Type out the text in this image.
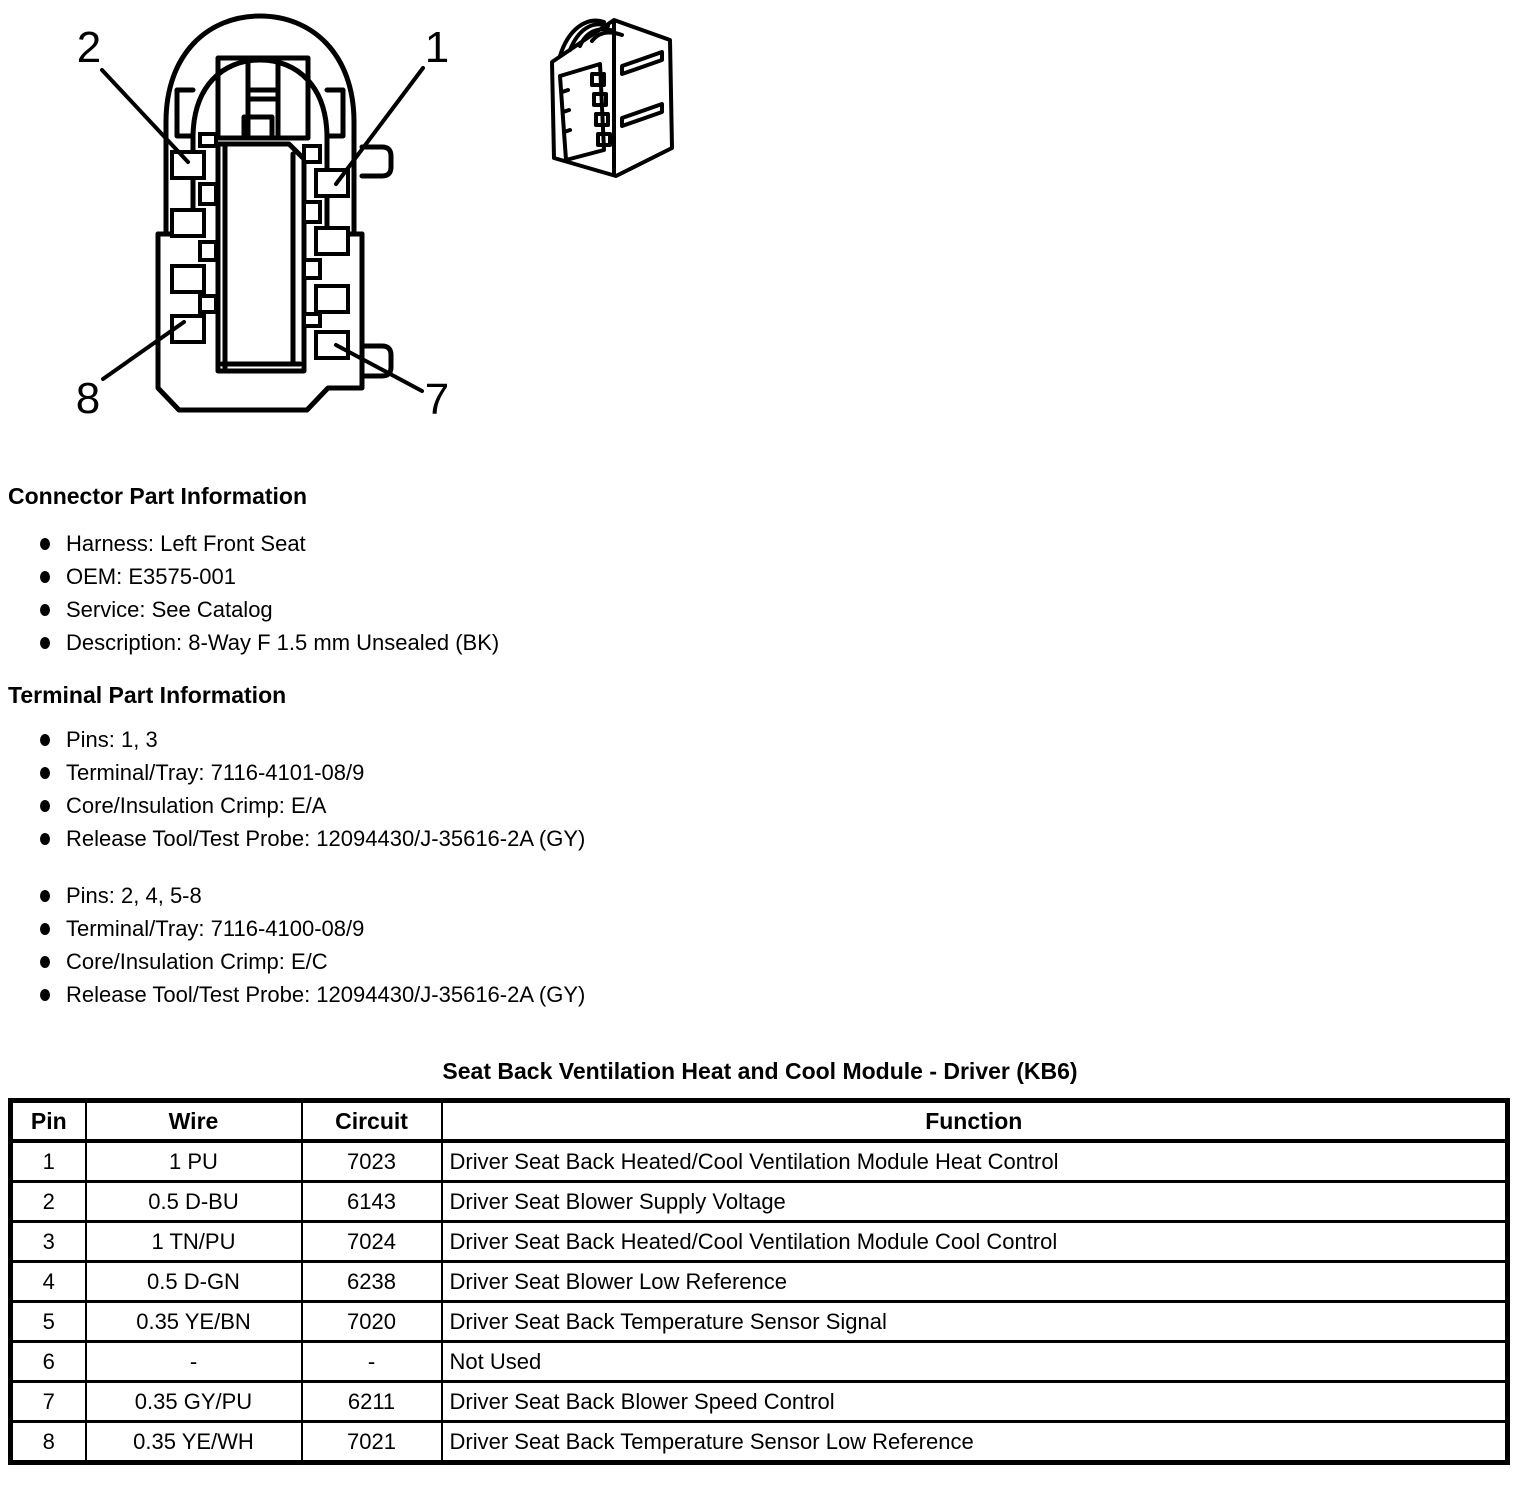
2	1
8	7
Connector Part Information
Harness: Left Front Seat
OEM: E3575-001
Service: See Catalog
Description: 8-Way F 1.5 mm Unsealed (BK)
Terminal Part Information
Pins: 1, 3
Terminal/Tray: 7116-4101-08/9
Core/Insulation Crimp: E/A
Release Tool/Test Probe: 12094430/J-35616-2A (GY)
Pins: 2, 4, 5-8
Terminal/Tray: 7116-4100-08/9
Core/Insulation Crimp: E/C
Release Tool/Test Probe: 12094430/J-35616-2A (GY)
Seat Back Ventilation Heat and Cool Module - Driver (KB6)
Pin	Wire	Circuit	Function
1	1 PU	7023	Driver Seat Back Heated/Cool Ventilation Module Heat Control
2	0.5 D-BU	6143	Driver Seat Blower Supply Voltage
3	1 TN/PU	7024	Driver Seat Back Heated/Cool Ventilation Module Cool Control
4	0.5 D-GN	6238	Driver Seat Blower Low Reference
5	0.35 YE/BN	7020	Driver Seat Back Temperature Sensor Signal
6	-	-	Not Used
7	0.35 GY/PU	6211	Driver Seat Back Blower Speed Control
8	0.35 YE/WH	7021	Driver Seat Back Temperature Sensor Low Reference
